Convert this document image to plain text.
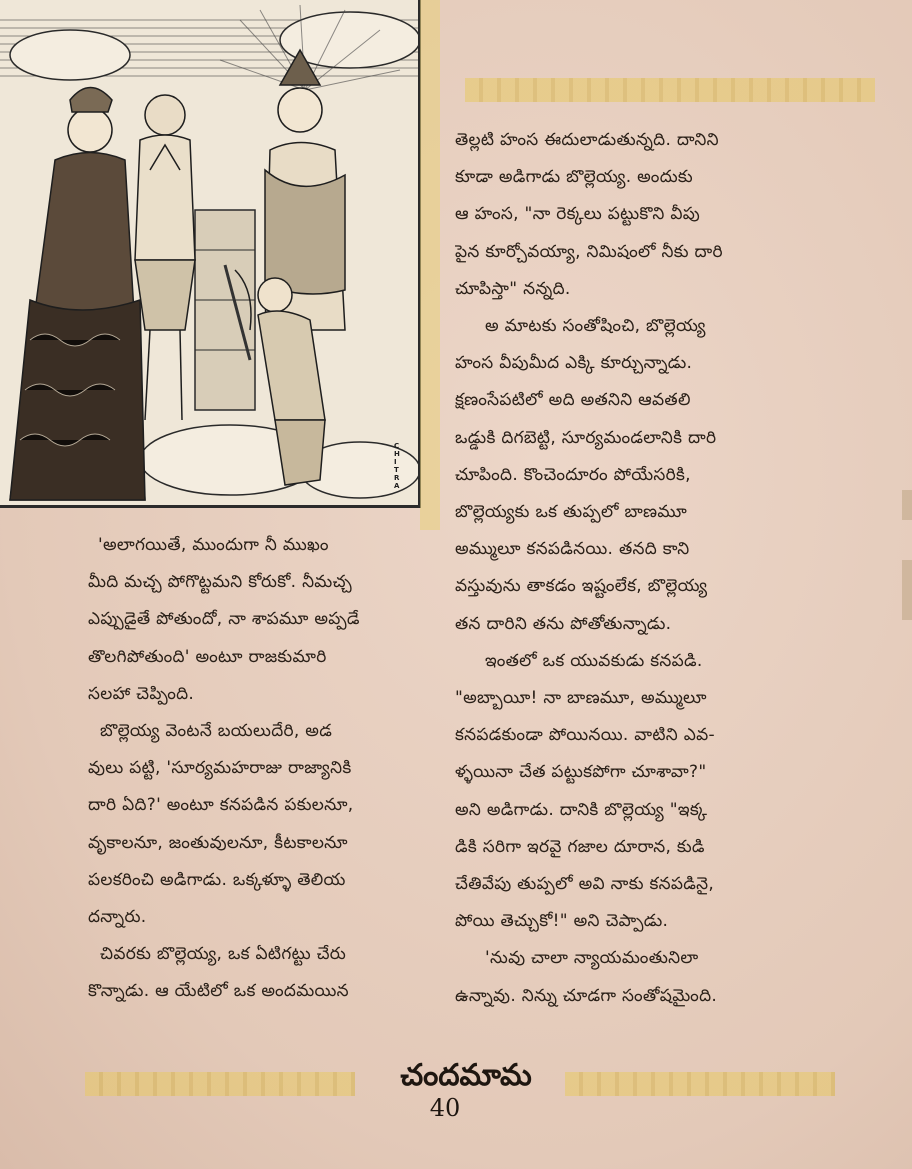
C
H
I
T
R
A
తెల్లటి హంస ఈదులాడుతున్నది. దానిని
కూడా అడిగాడు బొల్లెయ్య. అందుకు
ఆ హంస, "నా రెక్కలు పట్టుకొని వీపు
పైన కూర్చోవయ్యా, నిమిషంలో నీకు దారి
చూపిస్తా" నన్నది.
అ మాటకు సంతోషించి, బొల్లెయ్య
హంస వీపుమీద ఎక్కి కూర్చున్నాడు.
క్షణంసేపటిలో అది అతనిని ఆవతలి
ఒడ్డుకి దిగబెట్టి, సూర్యమండలానికి దారి
చూపింది. కొంచెందూరం పోయేసరికి,
బొల్లెయ్యకు ఒక తుప్పలో బాణమూ
అమ్ములూ కనపడినయి. తనది కాని
వస్తువును తాకడం ఇష్టంలేక, బొల్లెయ్య
తన దారిని తను పోతోతున్నాడు.
ఇంతలో ఒక యువకుడు కనపడి.
"అబ్బాయీ! నా బాణమూ, అమ్ములూ
కనపడకుండా పోయినయి. వాటిని ఎవ-
ళ్ళయినా చేత పట్టుకపోగా చూశావా?"
అని అడిగాడు. దానికి బొల్లెయ్య "ఇక్క
డికి సరిగా ఇరవై గజాల దూరాన, కుడి
చేతివేపు తుప్పలో అవి నాకు కనపడినై,
పోయి తెచ్చుకో!" అని చెప్పాడు.
'నువు చాలా న్యాయమంతునిలా
ఉన్నావు. నిన్ను చూడగా సంతోషమైంది.
'అలాగయితే, ముందుగా నీ ముఖం
మీది మచ్చ పోగొట్టమని కోరుకో. నీమచ్చ
ఎప్పుడైతే పోతుందో, నా శాపమూ అప్పడే
తొలగిపోతుంది' అంటూ రాజకుమారి
సలహా చెప్పింది.
బొల్లెయ్య వెంటనే బయలుదేరి, అడ
వులు పట్టి, 'సూర్యమహరాజు రాజ్యానికి
దారి ఏది?' అంటూ కనపడిన పకులనూ,
వృకాలనూ, జంతువులనూ, కీటకాలనూ
పలకరించి అడిగాడు. ఒక్కళ్ళూ తెలియ
దన్నారు.
చివరకు బొల్లెయ్య, ఒక ఏటిగట్టు చేరు
కొన్నాడు. ఆ యేటిలో ఒక అందమయిన
చందమామ
40
